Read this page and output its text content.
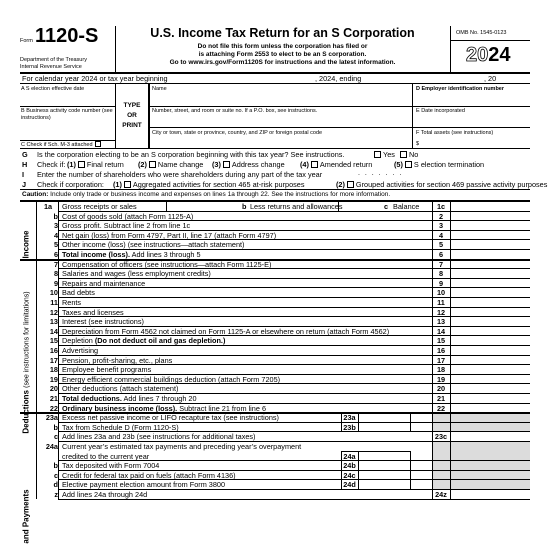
Form 1120-S
Department of the Treasury
Internal Revenue Service
U.S. Income Tax Return for an S Corporation
Do not file this form unless the corporation has filed or
is attaching Form 2553 to elect to be an S corporation.
Go to www.irs.gov/Form1120S for instructions and the latest information.
OMB No. 1545-0123
2024
For calendar year 2024 or tax year beginning	, 2024, ending	, 20
A S election effective date
B Business activity code number (see instructions)
C Check if Sch. M-3 attached
TYPE
OR
PRINT
Name
Number, street, and room or suite no. If a P.O. box, see instructions.
City or town, state or province, country, and ZIP or foreign postal code
D Employer identification number
E Date incorporated
F Total assets (see instructions)
$
G Is the corporation electing to be an S corporation beginning with this tax year? See instructions.	Yes	No
H Check if: (1) Final return (2) Name change (3) Address change (4) Amended return	(5) S election termination
I Enter the number of shareholders who were shareholders during any part of the tax year	. . . . . . .
J Check if corporation: (1) Aggregated activities for section 465 at-risk purposes	(2) Grouped activities for section 469 passive activity purposes
Caution: Include only trade or business income and expenses on lines 1a through 22. See the instructions for more information.
1a Gross receipts or sales	b Less returns and allowances	c Balance	1c
b Cost of goods sold (attach Form 1125-A)	2
3 Gross profit. Subtract line 2 from line 1c	3
4 Net gain (loss) from Form 4797, Part II, line 17 (attach Form 4797)	4
5 Other income (loss) (see instructions—attach statement)	5
6 Total income (loss). Add lines 3 through 5	6
7 Compensation of officers (see instructions—attach Form 1125-E)	7
8 Salaries and wages (less employment credits)	8
9 Repairs and maintenance	9
10 Bad debts	10
11 Rents	11
12 Taxes and licenses	12
13 Interest (see instructions)	13
14 Depreciation from Form 4562 not claimed on Form 1125-A or elsewhere on return (attach Form 4562)	14
15 Depletion (Do not deduct oil and gas depletion.)	15
16 Advertising	16
17 Pension, profit-sharing, etc., plans	17
18 Employee benefit programs	18
19 Energy efficient commercial buildings deduction (attach Form 7205)	19
20 Other deductions (attach statement)	20
21 Total deductions. Add lines 7 through 20	21
22 Ordinary business income (loss). Subtract line 21 from line 6	22
23a Excess net passive income or LIFO recapture tax (see instructions)	23a
b Tax from Schedule D (Form 1120-S)	23b
c Add lines 23a and 23b (see instructions for additional taxes)	23c
24a Current year’s estimated tax payments and preceding year’s overpayment
credited to the current year	24a
b Tax deposited with Form 7004	24b
c Credit for federal tax paid on fuels (attach Form 4136)	24c
d Elective payment election amount from Form 3800	24d
z Add lines 24a through 24d	24z
Income
Deductions (see instructions for limitations)
and Payments
